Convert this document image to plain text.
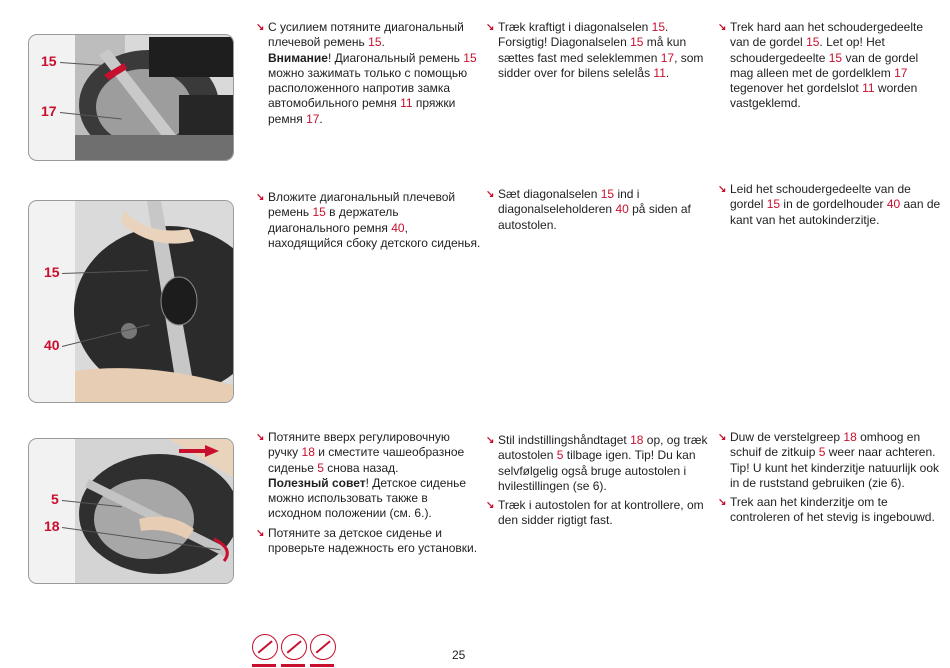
15
17
15
40
5
18
↘ С усилием потяните диагональный плечевой ремень 15.
Внимание! Диагональный ремень 15 можно зажимать только с помощью расположенного напротив замка автомобильного ремня 11 пряжки ремня 17.
↘ Вложите диагональный плечевой ремень 15 в держатель диагонального ремня 40, находящийся сбоку детского сиденья.
↘ Потяните вверх регулировочную ручку 18 и сместите чашеобразное сиденье 5 снова назад.
Полезный совет! Детское сиденье можно использовать также в исходном положении (см. 6.).
↘ Потяните за детское сиденье и проверьте надежность его установки.
↘ Træk kraftigt i diagonalselen 15. Forsigtig! Diagonalselen 15 må kun sættes fast med seleklemmen 17, som sidder over for bilens selelås 11.
↘ Sæt diagonalselen 15 ind i diagonalseleholderen 40 på siden af autostolen.
↘ Stil indstillingshåndtaget 18 op, og træk autostolen 5 tilbage igen. Tip! Du kan selvfølgelig også bruge autostolen i hvilestillingen (se 6).
↘ Træk i autostolen for at kontrollere, om den sidder rigtigt fast.
↘ Trek hard aan het schoudergedeelte van de gordel 15. Let op! Het schoudergedeelte 15 van de gordel mag alleen met de gordelklem 17 tegenover het gordelslot 11 worden vastgeklemd.
↘ Leid het schoudergedeelte van de gordel 15 in de gordelhouder 40 aan de kant van het autokinderzitje.
↘ Duw de verstelgreep 18 omhoog en schuif de zitkuip 5 weer naar achteren. Tip! U kunt het kinderzitje natuurlijk ook in de ruststand gebruiken (zie 6).
↘ Trek aan het kinderzitje om te controleren of het stevig is ingebouwd.
25
